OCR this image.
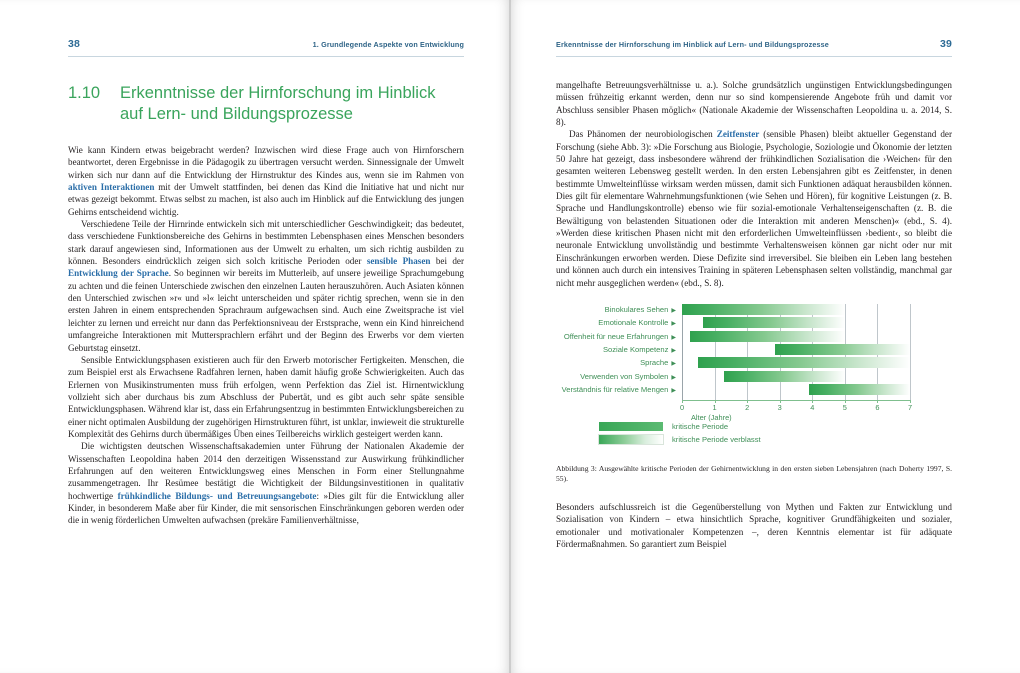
38	1. Grundlegende Aspekte von Entwicklung
1.10	Erkenntnisse der Hirnforschung im Hinblick
auf Lern- und Bildungsprozesse

Wie kann Kindern etwas beigebracht werden? Inzwischen wird diese Frage auch von Hirnforschern beantwortet, deren Ergebnisse in die Pädagogik zu übertragen versucht werden. Sinnessignale der Umwelt wirken sich nur dann auf die Entwicklung der Hirnstruktur des Kindes aus, wenn sie im Rahmen von aktiven Interaktionen mit der Umwelt stattfinden, bei denen das Kind die Initiative hat und nicht nur etwas gezeigt bekommt. Etwas selbst zu machen, ist also auch im Hinblick auf die Entwicklung des jungen Gehirns entscheidend wichtig.

Verschiedene Teile der Hirnrinde entwickeln sich mit unterschiedlicher Geschwindigkeit; das bedeutet, dass verschiedene Funktionsbereiche des Gehirns in bestimmten Lebensphasen eines Menschen besonders stark darauf angewiesen sind, Informationen aus der Umwelt zu erhalten, um sich richtig ausbilden zu können. Besonders eindrücklich zeigen sich solch kritische Perioden oder sensible Phasen bei der Entwicklung der Sprache. So beginnen wir bereits im Mutterleib, auf unsere jeweilige Sprachumgebung zu achten und die feinen Unterschiede zwischen den einzelnen Lauten herauszuhören. Auch Asiaten können den Unterschied zwischen »r« und »l« leicht unterscheiden und später richtig sprechen, wenn sie in den ersten Jahren in einem entsprechenden Sprachraum aufgewachsen sind. Auch eine Zweitsprache ist viel leichter zu lernen und erreicht nur dann das Perfektionsniveau der Erstsprache, wenn ein Kind hinreichend umfangreiche Interaktionen mit Muttersprachlern erfährt und der Beginn des Erwerbs vor dem vierten Geburtstag einsetzt.

Sensible Entwicklungsphasen existieren auch für den Erwerb motorischer Fertigkeiten. Menschen, die zum Beispiel erst als Erwachsene Radfahren lernen, haben damit häufig große Schwierigkeiten. Auch das Erlernen von Musikinstrumenten muss früh erfolgen, wenn Perfektion das Ziel ist. Hirnentwicklung vollzieht sich aber durchaus bis zum Abschluss der Pubertät, und es gibt auch sehr späte sensible Entwicklungsphasen. Während klar ist, dass ein Erfahrungsentzug in bestimmten Entwicklungsbereichen zu einer nicht optimalen Ausbildung der zugehörigen Hirnstrukturen führt, ist unklar, inwieweit die strukturelle Komplexität des Gehirns durch übermäßiges Üben eines Teilbereichs wirklich gesteigert werden kann.

Die wichtigsten deutschen Wissenschaftsakademien unter Führung der Nationalen Akademie der Wissenschaften Leopoldina haben 2014 den derzeitigen Wissensstand zur Auswirkung frühkindlicher Erfahrungen auf den weiteren Entwicklungsweg eines Menschen in Form einer Stellungnahme zusammengetragen. Ihr Resümee bestätigt die Wichtigkeit der Bildungsinvestitionen in qualitativ hochwertige frühkindliche Bildungs- und Betreuungsangebote: »Dies gilt für die Entwicklung aller Kinder, in besonderem Maße aber für Kinder, die mit sensorischen Einschränkungen geboren werden oder die in wenig förderlichen Umwelten aufwachsen (prekäre Familienverhältnisse,

Erkenntnisse der Hirnforschung im Hinblick auf Lern- und Bildungsprozesse	39

mangelhafte Betreuungsverhältnisse u. a.). Solche grundsätzlich ungünstigen Entwicklungsbedingungen müssen frühzeitig erkannt werden, denn nur so sind kompensierende Angebote früh und damit vor Abschluss sensibler Phasen möglich« (Nationale Akademie der Wissenschaften Leopoldina u. a. 2014, S. 8).

Das Phänomen der neurobiologischen Zeitfenster (sensible Phasen) bleibt aktueller Gegenstand der Forschung (siehe Abb. 3): »Die Forschung aus Biologie, Psychologie, Soziologie und Ökonomie der letzten 50 Jahre hat gezeigt, dass insbesondere während der frühkindlichen Sozialisation die ›Weichen‹ für den gesamten weiteren Lebensweg gestellt werden. In den ersten Lebensjahren gibt es Zeitfenster, in denen bestimmte Umwelteinflüsse wirksam werden müssen, damit sich Funktionen adäquat herausbilden können. Dies gilt für elementare Wahrnehmungsfunktionen (wie Sehen und Hören), für kognitive Leistungen (z. B. Sprache und Handlungskontrolle) ebenso wie für sozial-emotionale Verhaltenseigenschaften (z. B. die Bewältigung von belastenden Situationen oder die Interaktion mit anderen Menschen)« (ebd., S. 4). »Werden diese kritischen Phasen nicht mit den erforderlichen Umwelteinflüssen ›bedient‹, so bleibt die neuronale Entwicklung unvollständig und bestimmte Verhaltensweisen können gar nicht oder nur mit Einschränkungen erworben werden. Diese Defizite sind irreversibel. Sie bleiben ein Leben lang bestehen und können auch durch ein intensives Training in späteren Lebensphasen selten vollständig, manchmal gar nicht mehr ausgeglichen werden« (ebd., S. 8).

Binokulares Sehen ▶
Emotionale Kontrolle ▶
Offenheit für neue Erfahrungen ▶
Soziale Kompetenz ▶
Sprache ▶
Verwenden von Symbolen ▶
Verständnis für relative Mengen ▶
0	1	2	3	4	5	6	7
Alter (Jahre)
kritische Periode
kritische Periode verblasst

Abbildung 3: Ausgewählte kritische Perioden der Gehirnentwicklung in den ersten sieben Lebensjahren (nach Doherty 1997, S. 55).

Besonders aufschlussreich ist die Gegenüberstellung von Mythen und Fakten zur Entwicklung und Sozialisation von Kindern – etwa hinsichtlich Sprache, kognitiver Grundfähigkeiten und sozialer, emotionaler und motivationaler Kompetenzen –, deren Kenntnis elementar ist für adäquate Fördermaßnahmen. So garantiert zum Beispiel
